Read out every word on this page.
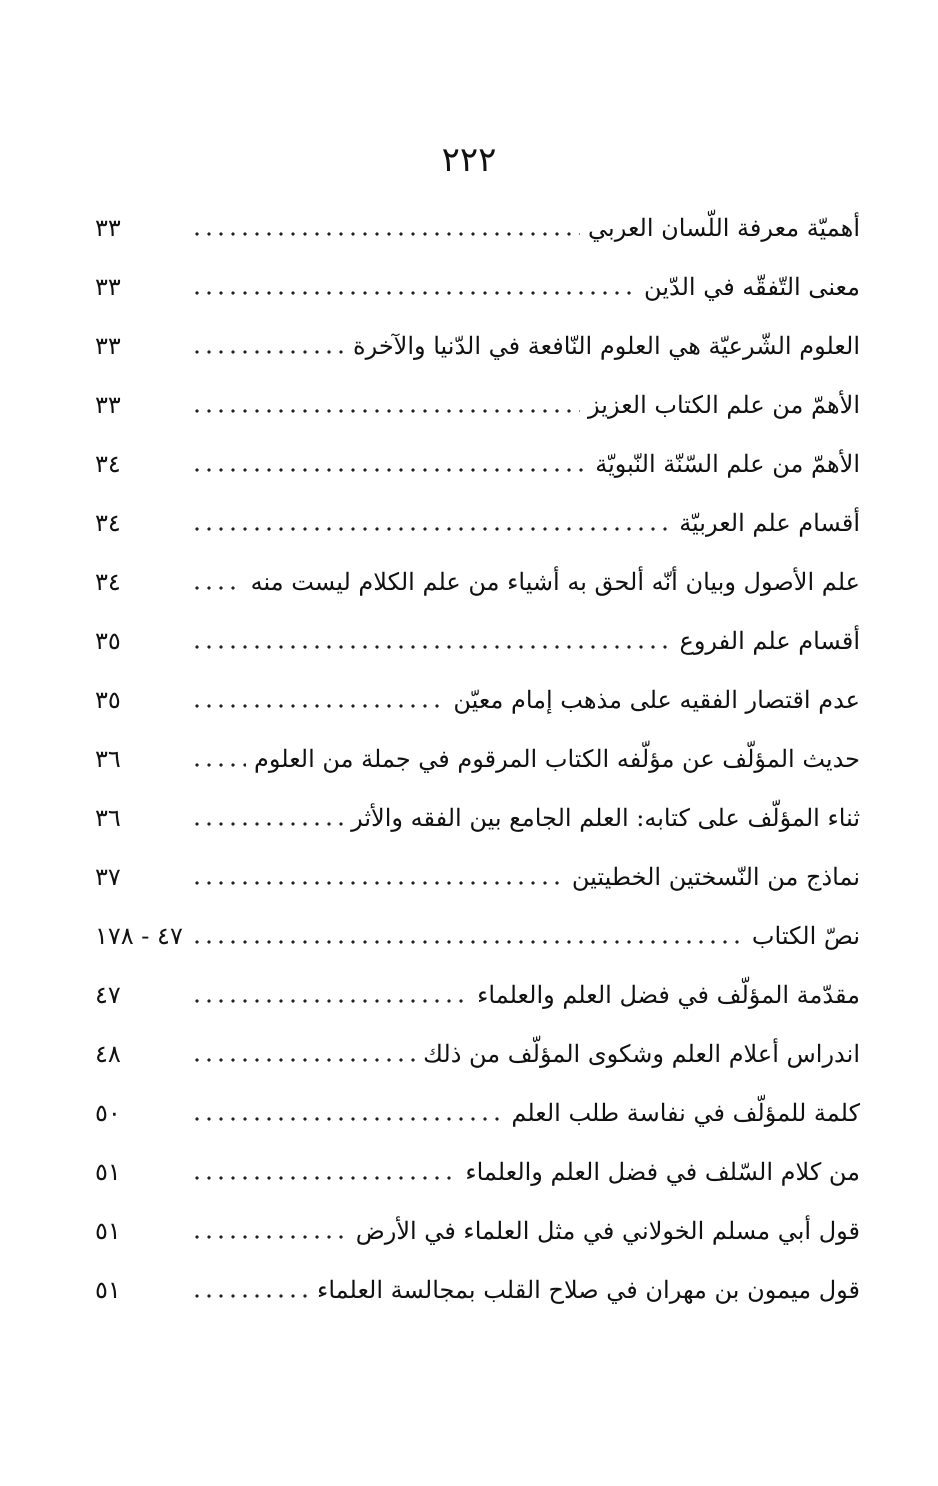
٢٢٢
أهميّة معرفة اللّسان العربي
٣٣
معنى التّفقّه في الدّين
٣٣
العلوم الشّرعيّة هي العلوم النّافعة في الدّنيا والآخرة
٣٣
الأهمّ من علم الكتاب العزيز
٣٣
الأهمّ من علم السّنّة النّبويّة
٣٤
أقسام علم العربيّة
٣٤
علم الأصول وبيان أنّه ألحق به أشياء من علم الكلام ليست منه
٣٤
أقسام علم الفروع
٣٥
عدم اقتصار الفقيه على مذهب إمام معيّن
٣٥
حديث المؤلّف عن مؤلّفه الكتاب المرقوم في جملة من العلوم
٣٦
ثناء المؤلّف على كتابه: العلم الجامع بين الفقه والأثر
٣٦
نماذج من النّسختين الخطيتين
٣٧
نصّ الكتاب
٤٧ - ١٧٨
مقدّمة المؤلّف في فضل العلم والعلماء
٤٧
اندراس أعلام العلم وشكوى المؤلّف من ذلك
٤٨
كلمة للمؤلّف في نفاسة طلب العلم
٥٠
من كلام السّلف في فضل العلم والعلماء
٥١
قول أبي مسلم الخولاني في مثل العلماء في الأرض
٥١
قول ميمون بن مهران في صلاح القلب بمجالسة العلماء
٥١
